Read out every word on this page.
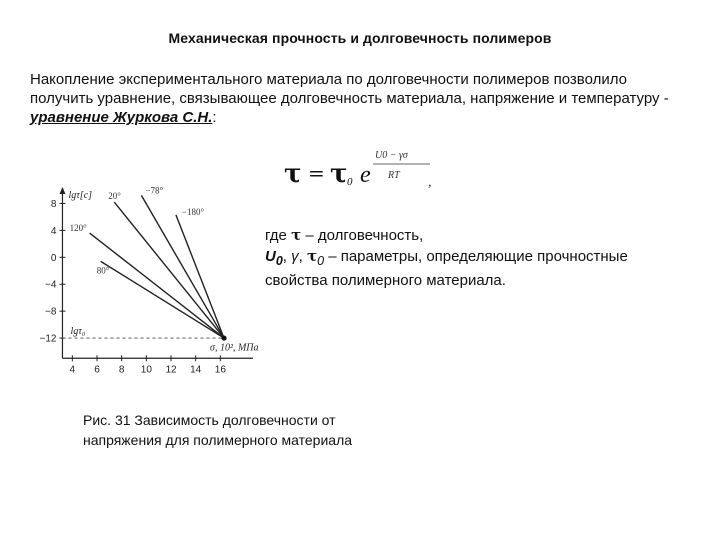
Механическая прочность и долговечность полимеров
Накопление экспериментального материала по долговечности полимеров позволило получить уравнение, связывающее долговечность материала, напряжение и температуру - уравнение Журкова С.Н.:
τ = τ 0 e
U0 − γσ
RT ,
где τ – долговечность,
$U_0$, γ, $\tau_0$ – параметры, определяющие прочностные свойства полимерного материала.
8
4
0
−4
−8
−12
4 6 8 10 12 14 16
lgτ[c]
σ, 10², МПа
lgτ₀
20°
−78°
120°
−180°
80°
Рис. 31 Зависимость долговечности от напряжения для полимерного материала
